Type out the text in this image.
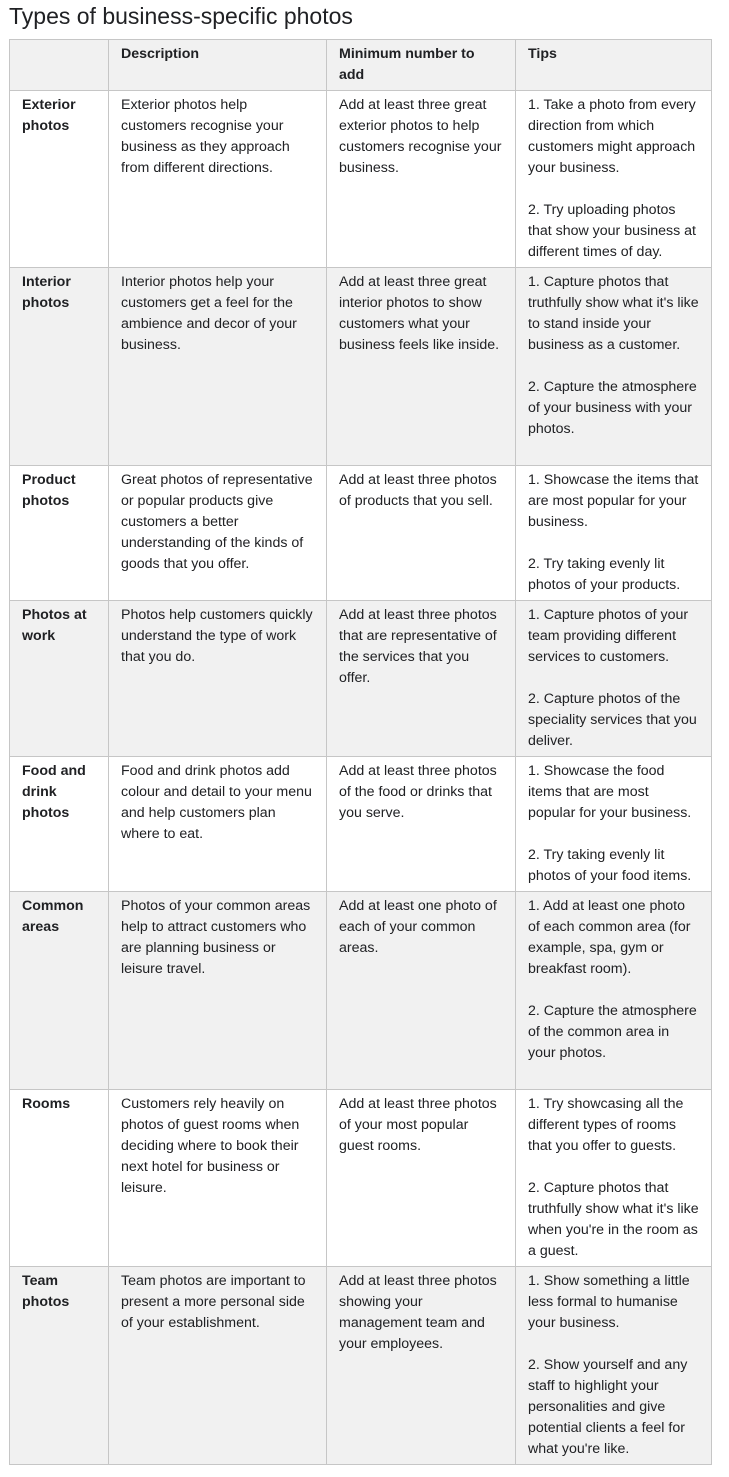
Types of business-specific photos
	Description	Minimum number to add	Tips
Exterior photos	Exterior photos help customers recognise your business as they approach from different directions.	Add at least three great exterior photos to help customers recognise your business.	1. Take a photo from every direction from which customers might approach your business.
2. Try uploading photos that show your business at different times of day.

Interior photos	Interior photos help your customers get a feel for the ambience and decor of your business.	Add at least three great interior photos to show customers what your business feels like inside.	1. Capture photos that truthfully show what it's like to stand inside your business as a customer.
2. Capture the atmosphere of your business with your photos.

Product photos	Great photos of representative or popular products give customers a better understanding of the kinds of goods that you offer.	Add at least three photos of products that you sell.	1. Showcase the items that are most popular for your business.
2. Try taking evenly lit photos of your products.

Photos at work	Photos help customers quickly understand the type of work that you do.	Add at least three photos that are representative of the services that you offer.	1. Capture photos of your team providing different services to customers.
2. Capture photos of the speciality services that you deliver.

Food and drink photos	Food and drink photos add colour and detail to your menu and help customers plan where to eat.	Add at least three photos of the food or drinks that you serve.	1. Showcase the food items that are most popular for your business.
2. Try taking evenly lit photos of your food items.

Common areas	Photos of your common areas help to attract customers who are planning business or leisure travel.	Add at least one photo of each of your common areas.	1. Add at least one photo of each common area (for example, spa, gym or breakfast room).
2. Capture the atmosphere of the common area in your photos.

Rooms	Customers rely heavily on photos of guest rooms when deciding where to book their next hotel for business or leisure.	Add at least three photos of your most popular guest rooms.	1. Try showcasing all the different types of rooms that you offer to guests.
2. Capture photos that truthfully show what it's like when you're in the room as a guest.

Team photos	Team photos are important to present a more personal side of your establishment.	Add at least three photos showing your management team and your employees.	1. Show something a little less formal to humanise your business.
2. Show yourself and any staff to highlight your personalities and give potential clients a feel for what you're like.
